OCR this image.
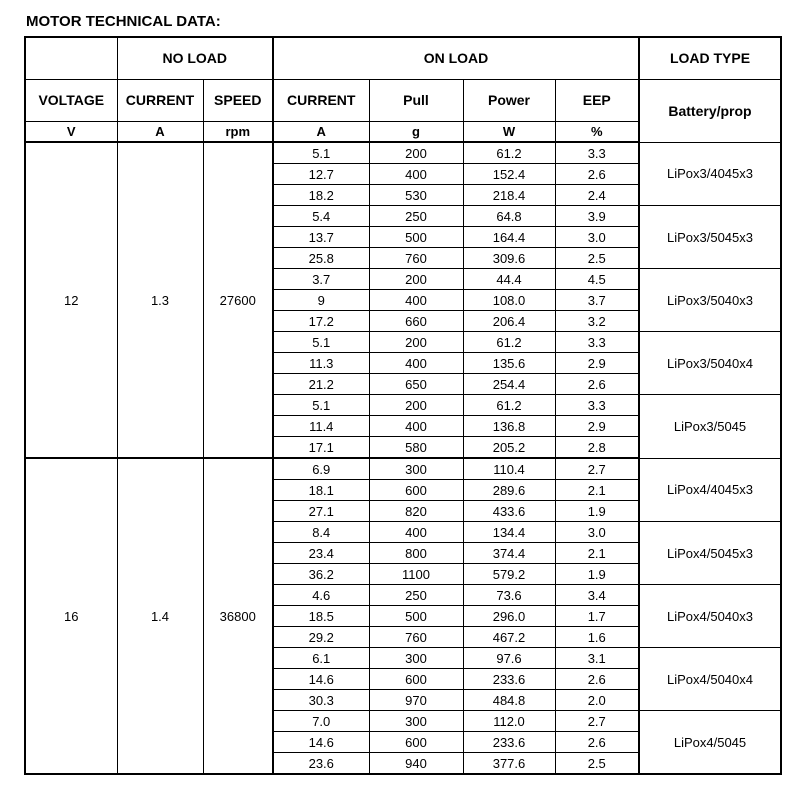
MOTOR TECHNICAL DATA:
	NO LOAD		ON LOAD				LOAD TYPE
VOLTAGE	CURRENT	SPEED	CURRENT	Pull	Power	EEP	Battery/prop
V	A	rpm	A	g	W	%	
12	1.3	27600	5.1	200	61.2	3.3	LiPox3/4045x3
			12.7	400	152.4	2.6	
			18.2	530	218.4	2.4	
			5.4	250	64.8	3.9	LiPox3/5045x3
			13.7	500	164.4	3.0	
			25.8	760	309.6	2.5	
			3.7	200	44.4	4.5	LiPox3/5040x3
			9	400	108.0	3.7	
			17.2	660	206.4	3.2	
			5.1	200	61.2	3.3	LiPox3/5040x4
			11.3	400	135.6	2.9	
			21.2	650	254.4	2.6	
			5.1	200	61.2	3.3	LiPox3/5045
			11.4	400	136.8	2.9	
			17.1	580	205.2	2.8	
16	1.4	36800	6.9	300	110.4	2.7	LiPox4/4045x3
			18.1	600	289.6	2.1	
			27.1	820	433.6	1.9	
			8.4	400	134.4	3.0	LiPox4/5045x3
			23.4	800	374.4	2.1	
			36.2	1100	579.2	1.9	
			4.6	250	73.6	3.4	LiPox4/5040x3
			18.5	500	296.0	1.7	
			29.2	760	467.2	1.6	
			6.1	300	97.6	3.1	LiPox4/5040x4
			14.6	600	233.6	2.6	
			30.3	970	484.8	2.0	
			7.0	300	112.0	2.7	LiPox4/5045
			14.6	600	233.6	2.6	
			23.6	940	377.6	2.5	
